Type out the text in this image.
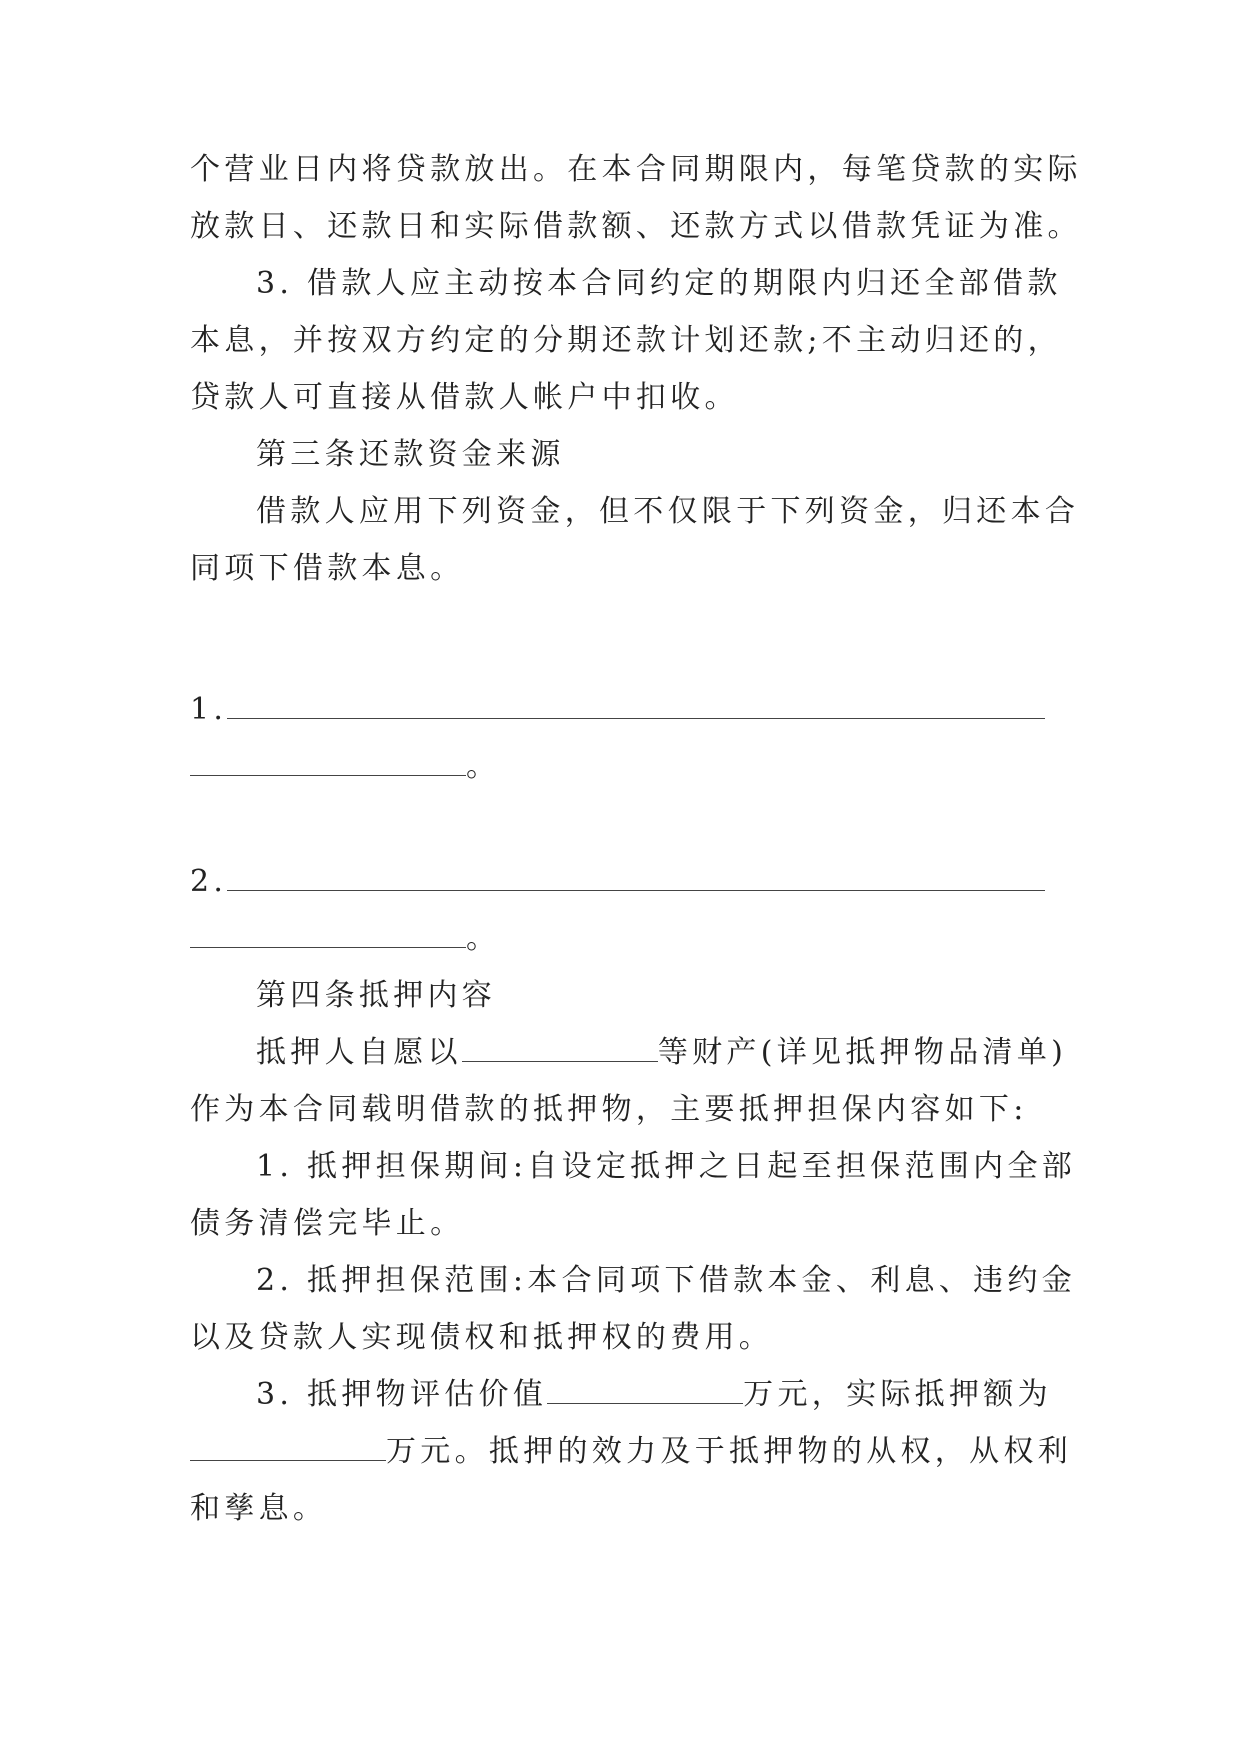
个营业日内将贷款放出。在本合同期限内，每笔贷款的实际
放款日、还款日和实际借款额、还款方式以借款凭证为准。
3. 借款人应主动按本合同约定的期限内归还全部借款
本息，并按双方约定的分期还款计划还款;不主动归还的，
贷款人可直接从借款人帐户中扣收。
第三条还款资金来源
借款人应用下列资金，但不仅限于下列资金，归还本合
同项下借款本息。
1.
。
2.
。
第四条抵押内容
抵押人自愿以	等财产(详见抵押物品清单)
作为本合同载明借款的抵押物，主要抵押担保内容如下:
1. 抵押担保期间:自设定抵押之日起至担保范围内全部
债务清偿完毕止。
2. 抵押担保范围:本合同项下借款本金、利息、违约金
以及贷款人实现债权和抵押权的费用。
3. 抵押物评估价值	万元，实际抵押额为
万元。抵押的效力及于抵押物的从权，从权利
和孳息。
